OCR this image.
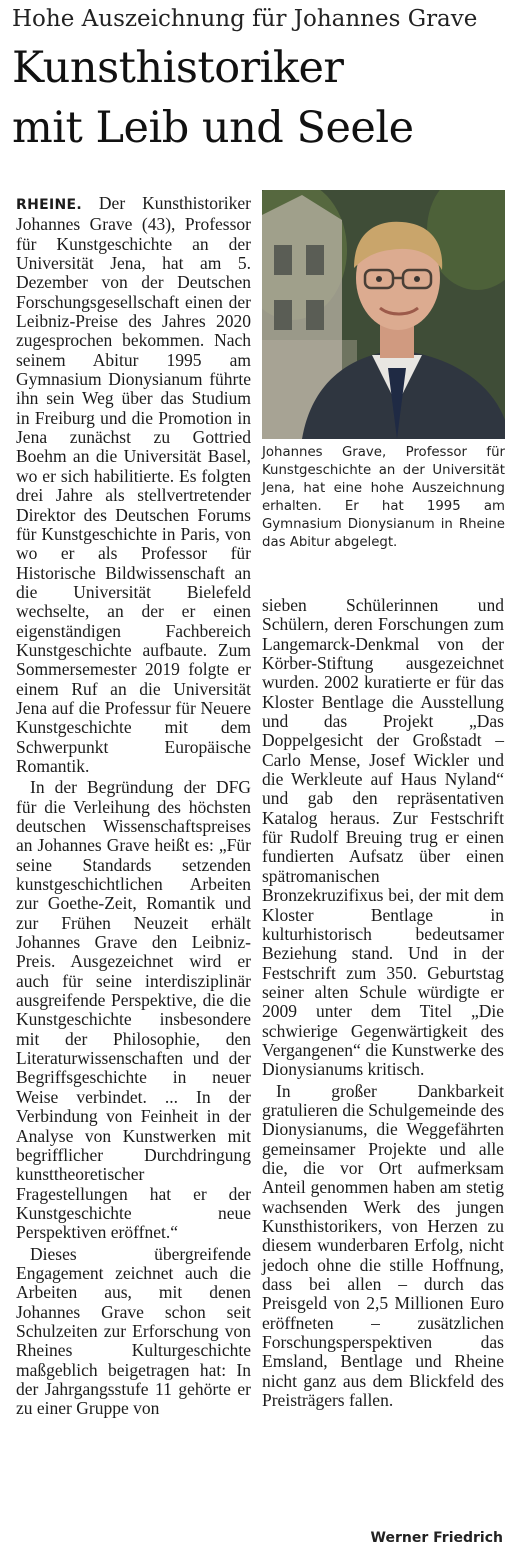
Hohe Auszeichnung für Johannes Grave
Kunsthistoriker
mit Leib und Seele

RHEINE. Der Kunsthistoriker Johannes Grave (43), Professor für Kunstgeschichte an der Universität Jena, hat am 5. Dezember von der Deutschen Forschungsgesellschaft einen der Leibniz-Preise des Jahres 2020 zugesprochen bekommen. Nach seinem Abitur 1995 am Gymnasium Dionysianum führte ihn sein Weg über das Studium in Freiburg und die Promotion in Jena zunächst zu Gottried Boehm an die Universität Basel, wo er sich habilitierte. Es folgten drei Jahre als stellvertretender Direktor des Deutschen Forums für Kunstgeschichte in Paris, von wo er als Professor für Historische Bildwissenschaft an die Universität Bielefeld wechselte, an der er einen eigenständigen Fachbereich Kunstgeschichte aufbaute. Zum Sommersemester 2019 folgte er einem Ruf an die Universität Jena auf die Professur für Neuere Kunstgeschichte mit dem Schwerpunkt Europäische Romantik.

In der Begründung der DFG für die Verleihung des höchsten deutschen Wissenschaftspreises an Johannes Grave heißt es: „Für seine Standards setzenden kunstgeschichtlichen Arbeiten zur Goethe-Zeit, Romantik und zur Frühen Neuzeit erhält Johannes Grave den Leibniz-Preis. Ausgezeichnet wird er auch für seine interdisziplinär ausgreifende Perspektive, die die Kunstgeschichte insbesondere mit der Philosophie, den Literaturwissenschaften und der Begriffsgeschichte in neuer Weise verbindet. ... In der Verbindung von Feinheit in der Analyse von Kunstwerken mit begrifflicher Durchdringung kunsttheoretischer Fragestellungen hat er der Kunstgeschichte neue Perspektiven eröffnet.“

Dieses übergreifende Engagement zeichnet auch die Arbeiten aus, mit denen Johannes Grave schon seit Schulzeiten zur Erforschung von Rheines Kulturgeschichte maßgeblich beigetragen hat: In der Jahrgangsstufe 11 gehörte er zu einer Gruppe von

Johannes Grave, Professor für Kunstgeschichte an der Universität Jena, hat eine hohe Auszeichnung erhalten. Er hat 1995 am Gymnasium Dionysianum in Rheine das Abitur abgelegt.

sieben Schülerinnen und Schülern, deren Forschungen zum Langemarck-Denkmal von der Körber-Stiftung ausgezeichnet wurden. 2002 kuratierte er für das Kloster Bentlage die Ausstellung und das Projekt „Das Doppelgesicht der Großstadt – Carlo Mense, Josef Wickler und die Werkleute auf Haus Nyland“ und gab den repräsentativen Katalog heraus. Zur Festschrift für Rudolf Breuing trug er einen fundierten Aufsatz über einen spätromanischen Bronzekruzifixus bei, der mit dem Kloster Bentlage in kulturhistorisch bedeutsamer Beziehung stand. Und in der Festschrift zum 350. Geburtstag seiner alten Schule würdigte er 2009 unter dem Titel „Die schwierige Gegenwärtigkeit des Vergangenen“ die Kunstwerke des Dionysianums kritisch.

In großer Dankbarkeit gratulieren die Schulgemeinde des Dionysianums, die Weggefährten gemeinsamer Projekte und alle die, die vor Ort aufmerksam Anteil genommen haben am stetig wachsenden Werk des jungen Kunsthistorikers, von Herzen zu diesem wunderbaren Erfolg, nicht jedoch ohne die stille Hoffnung, dass bei allen – durch das Preisgeld von 2,5 Millionen Euro eröffneten – zusätzlichen Forschungsperspektiven das Emsland, Bentlage und Rheine nicht ganz aus dem Blickfeld des Preisträgers fallen.

Werner Friedrich
